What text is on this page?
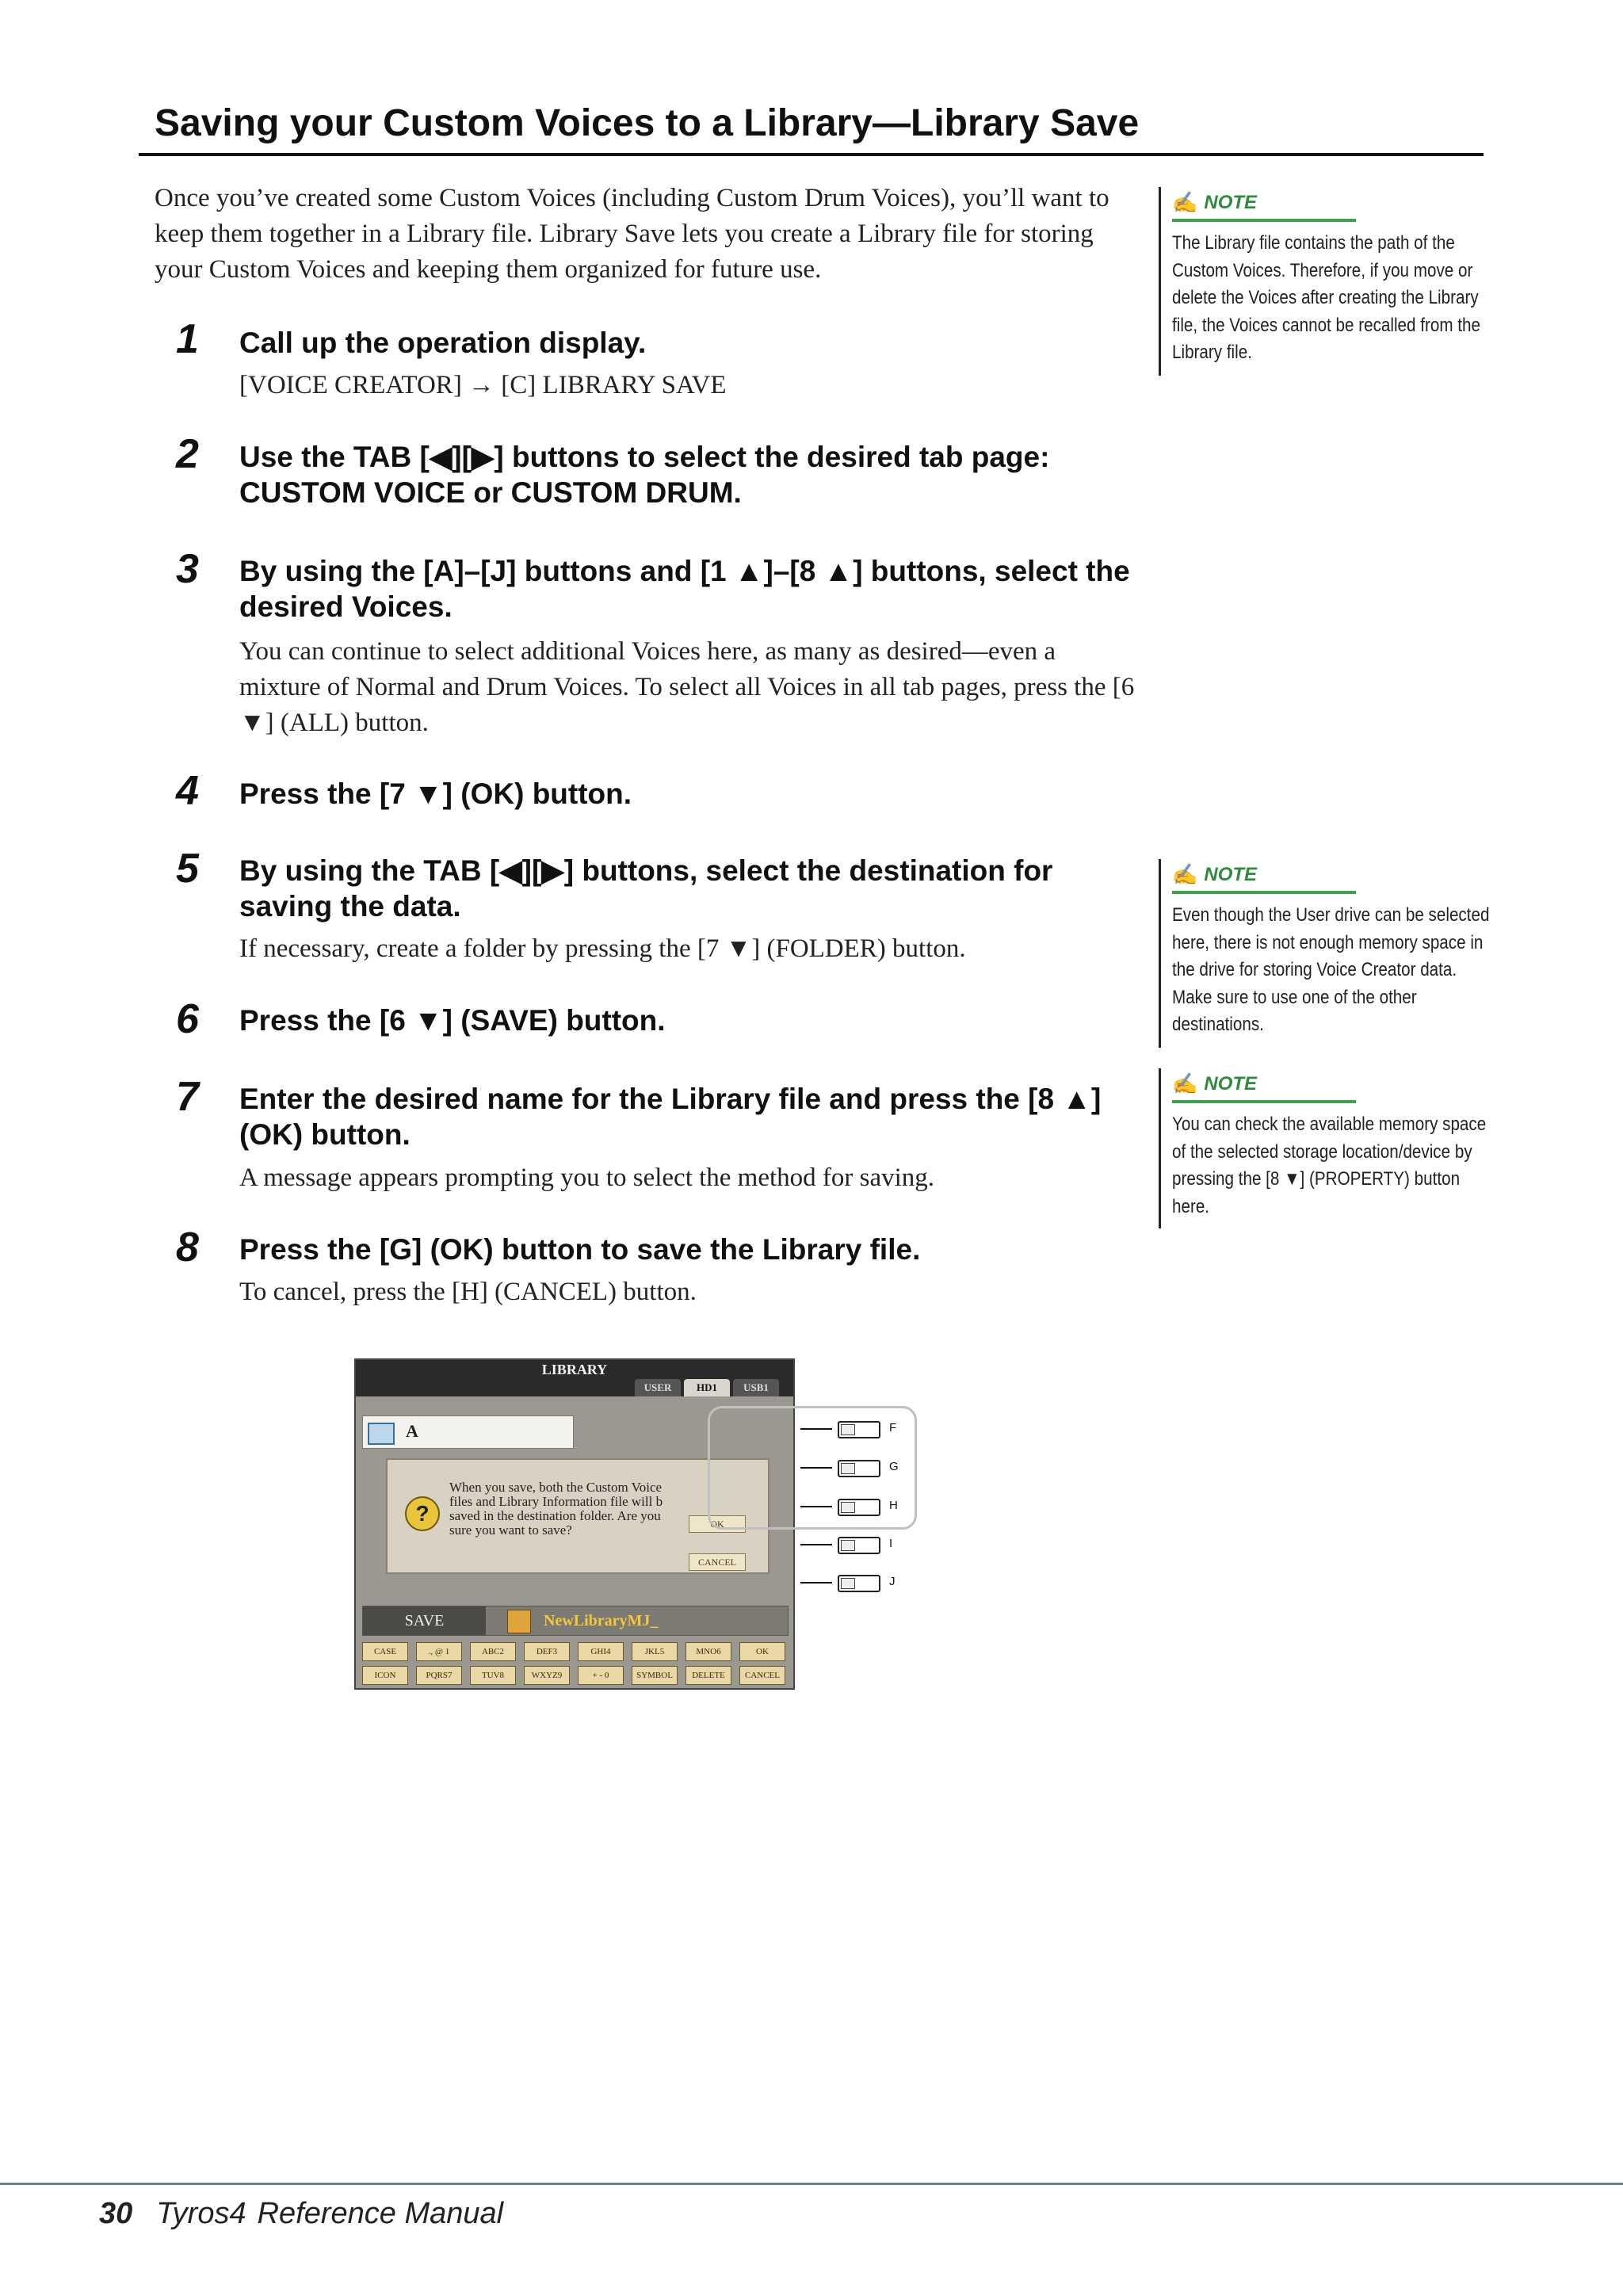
Saving your Custom Voices to a Library—Library Save
Once you’ve created some Custom Voices (including Custom Drum Voices), you’ll want to keep them together in a Library file. Library Save lets you create a Library file for storing your Custom Voices and keeping them organized for future use.
1 Call up the operation display.
[VOICE CREATOR] → [C] LIBRARY SAVE
2 Use the TAB [◀][▶] buttons to select the desired tab page: CUSTOM VOICE or CUSTOM DRUM.
3 By using the [A]–[J] buttons and [1 ▲]–[8 ▲] buttons, select the desired Voices.
You can continue to select additional Voices here, as many as desired—even a mixture of Normal and Drum Voices. To select all Voices in all tab pages, press the [6 ▼] (ALL) button.
4 Press the [7 ▼] (OK) button.
5 By using the TAB [◀][▶] buttons, select the destination for saving the data.
If necessary, create a folder by pressing the [7 ▼] (FOLDER) button.
6 Press the [6 ▼] (SAVE) button.
7 Enter the desired name for the Library file and press the [8 ▲] (OK) button.
A message appears prompting you to select the method for saving.
8 Press the [G] (OK) button to save the Library file.
To cancel, press the [H] (CANCEL) button.
✍ NOTE
The Library file contains the path of the Custom Voices. Therefore, if you move or delete the Voices after creating the Library file, the Voices cannot be recalled from the Library file.
✍ NOTE
Even though the User drive can be selected here, there is not enough memory space in the drive for storing Voice Creator data. Make sure to use one of the other destinations.
✍ NOTE
You can check the available memory space of the selected storage location/device by pressing the [8 ▼] (PROPERTY) button here.
LIBRARY
USER	HD1	USB1
A
?
When you save, both the Custom Voice
files and Library Information file will b
saved in the destination folder. Are you
sure you want to save?	OK
CANCEL
SAVE	NewLibraryMJ_
CASE	., @ 1	ABC2	DEF3	GHI4	JKL5	MNO6	OK
ICON	PQRS7	TUV8	WXYZ9	+ - 0	SYMBOL	DELETE	CANCEL
F
G
H
I
J
30 Tyros4 Reference Manual
